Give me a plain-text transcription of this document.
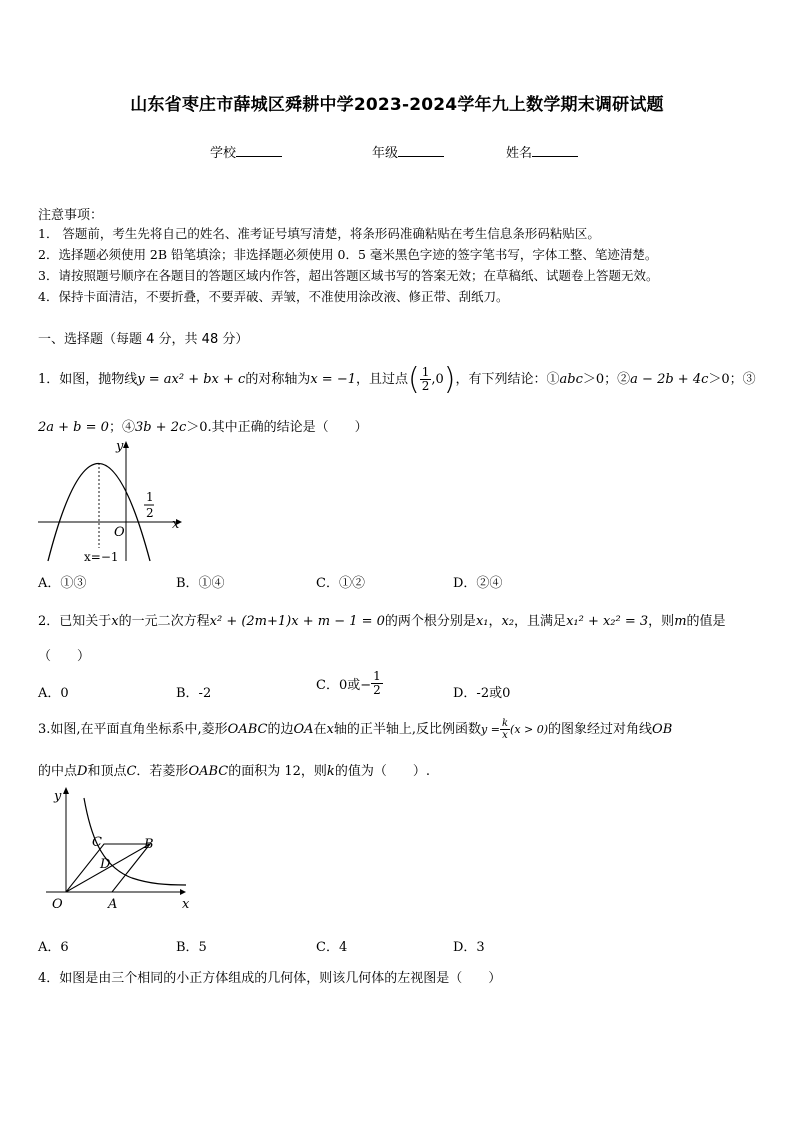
山东省枣庄市薛城区舜耕中学2023-2024学年九上数学期末调研试题
学校	年级	姓名
注意事项：
1． 答题前，考生先将自己的姓名、准考证号填写清楚，将条形码准确粘贴在考生信息条形码粘贴区。
2．选择题必须使用 2B 铅笔填涂；非选择题必须使用 0．5 毫米黑色字迹的签字笔书写，字体工整、笔迹清楚。
3．请按照题号顺序在各题目的答题区域内作答，超出答题区域书写的答案无效；在草稿纸、试题卷上答题无效。
4．保持卡面清洁，不要折叠，不要弄破、弄皱，不准使用涂改液、修正带、刮纸刀。
一、选择题（每题 4 分，共 48 分）
1．如图，抛物线y = ax² + bx + c的对称轴为x = −1，且过点( $\frac{1}{2} ,0$)，有下列结论：①abc＞0；②a − 2b + 4c＞0；③
2a + b = 0；④3b + 2c＞0.其中正确的结论是（　　）
y
x
O
1
2
x=−1
A．①③	B．①④	C．①②	D．②④
2．已知关于x的一元二次方程x² + (2m+1)x + m − 1 = 0的两个根分别是x₁，x₂，且满足x₁² + x₂² = 3，则m的值是
（　　）
A．0	B．-2
C．0或− $\frac{1}{2}$	D．-2或0
3.如图,在平面直角坐标系中,菱形OABC的边OA在x轴的正半轴上,反比例函数$y = \frac{k}{x} (x > 0)$的图象经过对角线OB
的中点D和顶点C．若菱形OABC的面积为 12，则k的值为（　　）.
y
x
O	A
B
C
D
A．6	B．5	C．4	D．3
4．如图是由三个相同的小正方体组成的几何体，则该几何体的左视图是（　　）
